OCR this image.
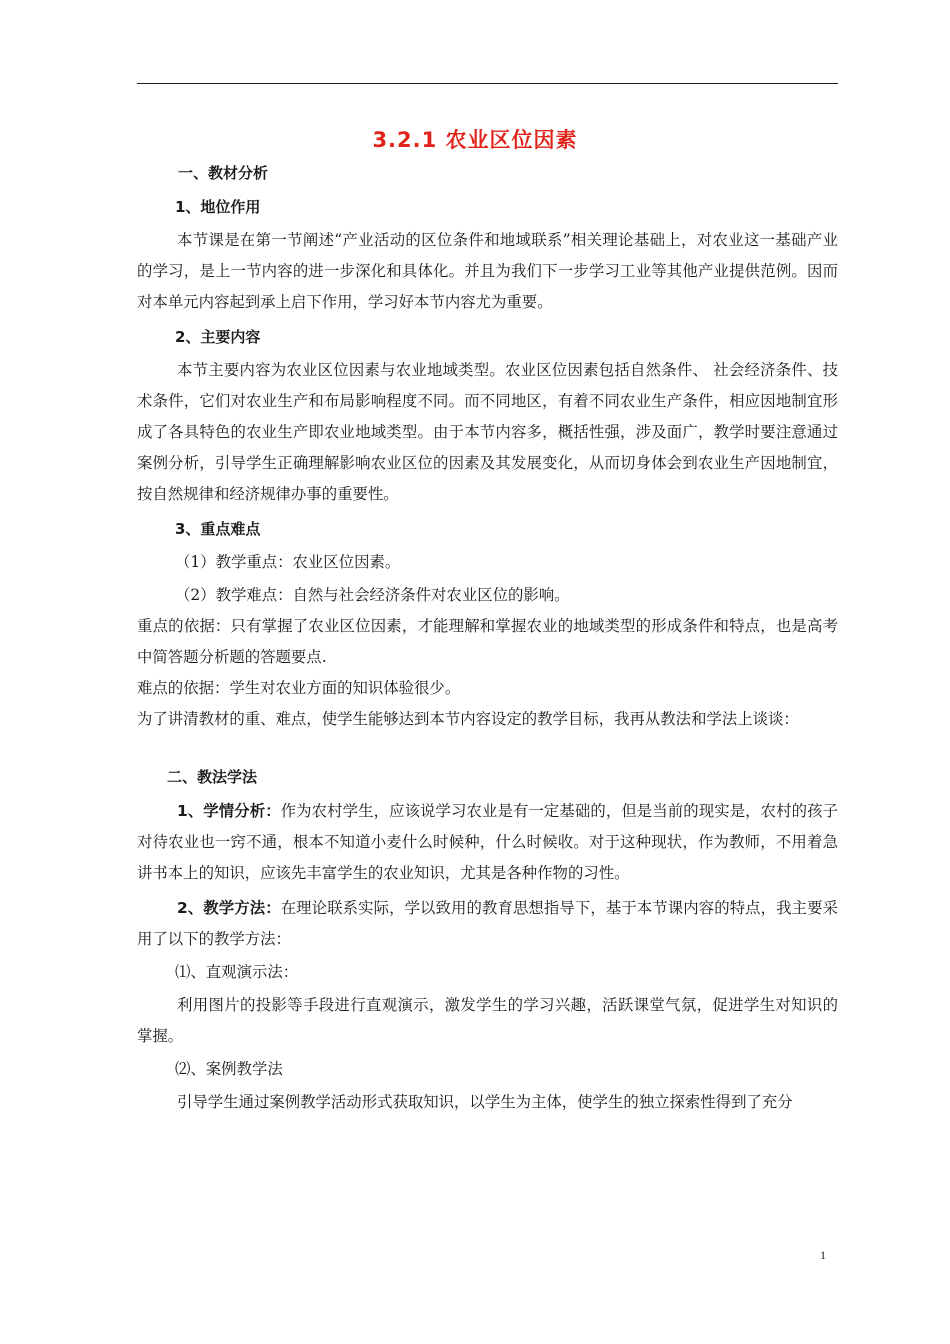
3.2.1 农业区位因素
一、教材分析
1、地位作用

本节课是在第一节阐述“产业活动的区位条件和地域联系”相关理论基础上，对农业这一基础产业的学习，是上一节内容的进一步深化和具体化。并且为我们下一步学习工业等其他产业提供范例。因而对本单元内容起到承上启下作用，学习好本节内容尤为重要。

2、主要内容

本节主要内容为农业区位因素与农业地域类型。农业区位因素包括自然条件、 社会经济条件、技术条件，它们对农业生产和布局影响程度不同。而不同地区，有着不同农业生产条件，相应因地制宜形成了各具特色的农业生产即农业地域类型。由于本节内容多，概括性强，涉及面广，教学时要注意通过案例分析，引导学生正确理解影响农业区位的因素及其发展变化，从而切身体会到农业生产因地制宜，按自然规律和经济规律办事的重要性。

3、重点难点
（1）教学重点：农业区位因素。
（2）教学难点：自然与社会经济条件对农业区位的影响。

重点的依据：只有掌握了农业区位因素，才能理解和掌握农业的地域类型的形成条件和特点，也是高考中简答题分析题的答题要点.

难点的依据：学生对农业方面的知识体验很少。

为了讲清教材的重、难点，使学生能够达到本节内容设定的教学目标，我再从教法和学法上谈谈：

二、教法学法

1、学情分析：作为农村学生，应该说学习农业是有一定基础的，但是当前的现实是，农村的孩子对待农业也一窍不通，根本不知道小麦什么时候种，什么时候收。对于这种现状，作为教师，不用着急讲书本上的知识，应该先丰富学生的农业知识，尤其是各种作物的习性。

2、教学方法：在理论联系实际，学以致用的教育思想指导下，基于本节课内容的特点，我主要采用了以下的教学方法：

⑴、直观演示法：

利用图片的投影等手段进行直观演示，激发学生的学习兴趣，活跃课堂气氛，促进学生对知识的掌握。

⑵、案例教学法

引导学生通过案例教学活动形式获取知识，以学生为主体，使学生的独立探索性得到了充分

1
